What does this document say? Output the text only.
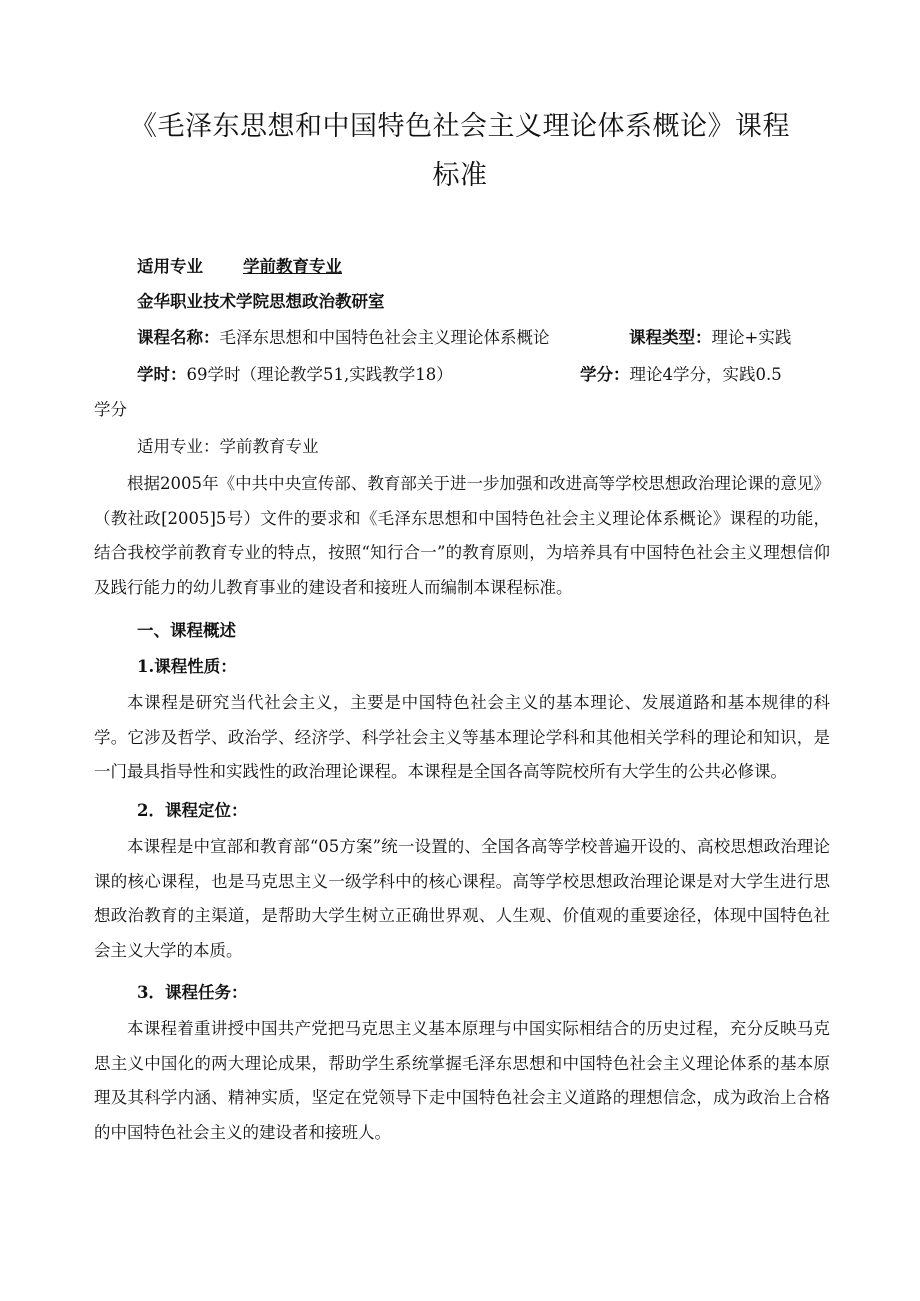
《毛泽东思想和中国特色社会主义理论体系概论》课程
标准
适用专业 学前教育专业
金华职业技术学院思想政治教研室
课程名称：毛泽东思想和中国特色社会主义理论体系概论	课程类型：理论+实践
学时：69学时（理论教学51,实践教学18）	学分：理论4学分，实践0.5
学分
适用专业：学前教育专业
根据2005年《中共中央宣传部、教育部关于进一步加强和改进高等学校思想政治理论课的意见》（教社政[2005]5号）文件的要求和《毛泽东思想和中国特色社会主义理论体系概论》课程的功能，结合我校学前教育专业的特点，按照“知行合一”的教育原则，为培养具有中国特色社会主义理想信仰及践行能力的幼儿教育事业的建设者和接班人而编制本课程标准。
一、课程概述
1.课程性质：
本课程是研究当代社会主义，主要是中国特色社会主义的基本理论、发展道路和基本规律的科学。它涉及哲学、政治学、经济学、科学社会主义等基本理论学科和其他相关学科的理论和知识，是一门最具指导性和实践性的政治理论课程。本课程是全国各高等院校所有大学生的公共必修课。
2．课程定位：
本课程是中宣部和教育部“05方案”统一设置的、全国各高等学校普遍开设的、高校思想政治理论课的核心课程，也是马克思主义一级学科中的核心课程。高等学校思想政治理论课是对大学生进行思想政治教育的主渠道，是帮助大学生树立正确世界观、人生观、价值观的重要途径，体现中国特色社会主义大学的本质。
3．课程任务：
本课程着重讲授中国共产党把马克思主义基本原理与中国实际相结合的历史过程，充分反映马克思主义中国化的两大理论成果，帮助学生系统掌握毛泽东思想和中国特色社会主义理论体系的基本原理及其科学内涵、精神实质，坚定在党领导下走中国特色社会主义道路的理想信念，成为政治上合格的中国特色社会主义的建设者和接班人。
